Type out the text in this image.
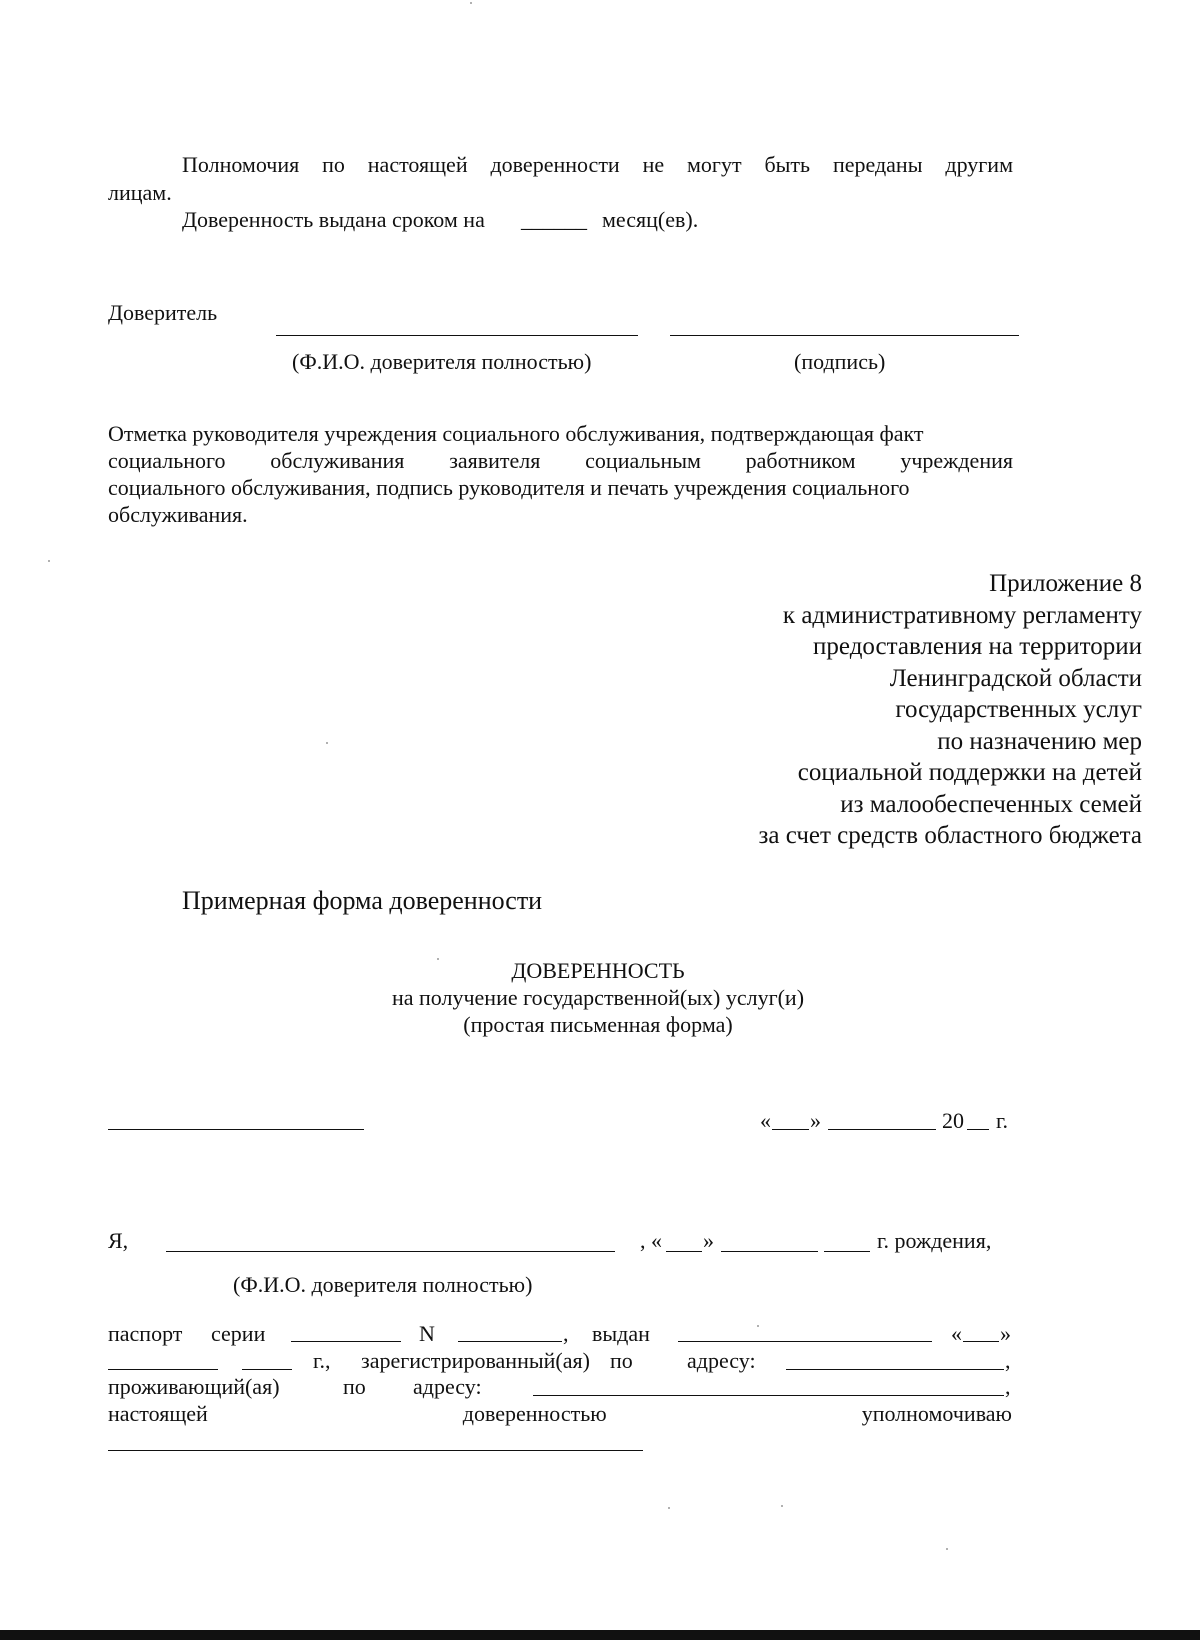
Полномочия по настоящей доверенности не могут быть переданы другим
лицам.
Доверенность выдана сроком на ______ месяц(ев).
Доверитель
(Ф.И.О. доверителя полностью)	(подпись)
Отметка руководителя учреждения социального обслуживания, подтверждающая факт
социального обслуживания заявителя социальным работником учреждения
социального обслуживания, подпись руководителя и печать учреждения социального
обслуживания.
Приложение 8
к административному регламенту
предоставления на территории
Ленинградской области
государственных услуг
по назначению мер
социальной поддержки на детей
из малообеспеченных семей
за счет средств областного бюджета
Примерная форма доверенности
ДОВЕРЕННОСТЬ
на получение государственной(ых) услуг(и)
(простая письменная форма)
« »	20 г.
Я,	, « »	г. рождения,
(Ф.И.О. доверителя полностью)
паспорт серии	N	, выдан	« »
г., зарегистрированный(ая) по адресу:	,
проживающий(ая)	по адресу:	,
настоящей	доверенностью	уполномочиваю
